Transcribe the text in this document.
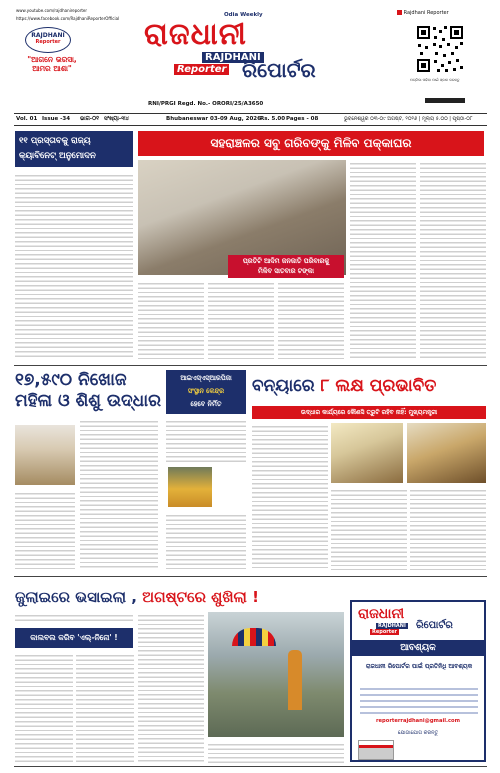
www.youtube.com/rajdhanireporter
https://www.facebook.com/RajdhaniReporterOfficial
RAJDHANI
Reporter
"ଆଗନେ ଭରସା,
ଆମର ଆଶା"
Odia Weekly
ରାଜଧାନୀ
RAJDHANI
Reporter ରିପୋର୍ଟର
RNI/PRGI Regd. No.- ORORI/25/A3650
Rajdhani Reporter
ପତ୍ରିକା ପଢିବା ପାଇଁ ସ୍କାନ କରନ୍ତୁ
Vol. 01 Issue -34 ଭାଗ-୦୧ ସଂଖ୍ୟା-୩୪	Bhubaneswar 03-09 Aug, 2026 Rs. 5.00 Pages - 08	ଭୁବନେଶ୍ୱର ୦୩-୦୯ ଅଗଷ୍ଟ, ୨୦୨୬ | ମୂଲ୍ୟ ୫.୦୦ | ପୃଷ୍ଠା-୦୮
୧୧ ପ୍ରସ୍ତାବକୁ ରାଜ୍ୟ
କ୍ୟାବିନେଟ୍‌ ଅନୁମୋଦନ
ସହରାଞ୍ଚଳର ସବୁ ଗରିବଙ୍କୁ ମିଳିବ ପକ୍କାଘର
ପ୍ରତିଟି ଆଦିମ ଜନଜାତି ପରିବାରକୁ
ମିଳିବ ସାତବାର ଟଙ୍କା
୧୭,୫୯୦ ନିଖୋଜ
ମହିଳା ଓ ଶିଶୁ ଉଦ୍ଧାର
ଆଇଏସ୍‌ଏସ୍‌ଆରପିଜା
ସଂସ୍ଥାନ କେନ୍ଦ୍ର
ହେବେ ନିର୍ମିତ
ବନ୍ୟାରେ ୮ ଲକ୍ଷ ପ୍ରଭାବିତ
ଉଦ୍ଧାର କାର୍ଯ୍ୟରେ କୌଣସି ତ୍ରୁଟି ରହିବ ନାହିଁ: ମୁଖ୍ୟମନ୍ତ୍ରୀ
ଜୁଲାଇରେ ଭସାଇଲା , ଅଗଷ୍ଟରେ ଶୁଖିଲା !
କାଲବଲ କରିବ 'ଏଲ୍‌-ନିନୋ' !
ରାଜଧାନୀ
RAJDHANI
Reporter
ରିପୋର୍ଟର
ଆବଶ୍ୟକ
ରାଜଧାନୀ ରିପୋର୍ଟର ପାଇଁ ପ୍ରତିନିଧି ଆବଶ୍ୟକ
reporterrajdhani@gmail.com
ଯୋଗାଯୋଗ କରନ୍ତୁ
